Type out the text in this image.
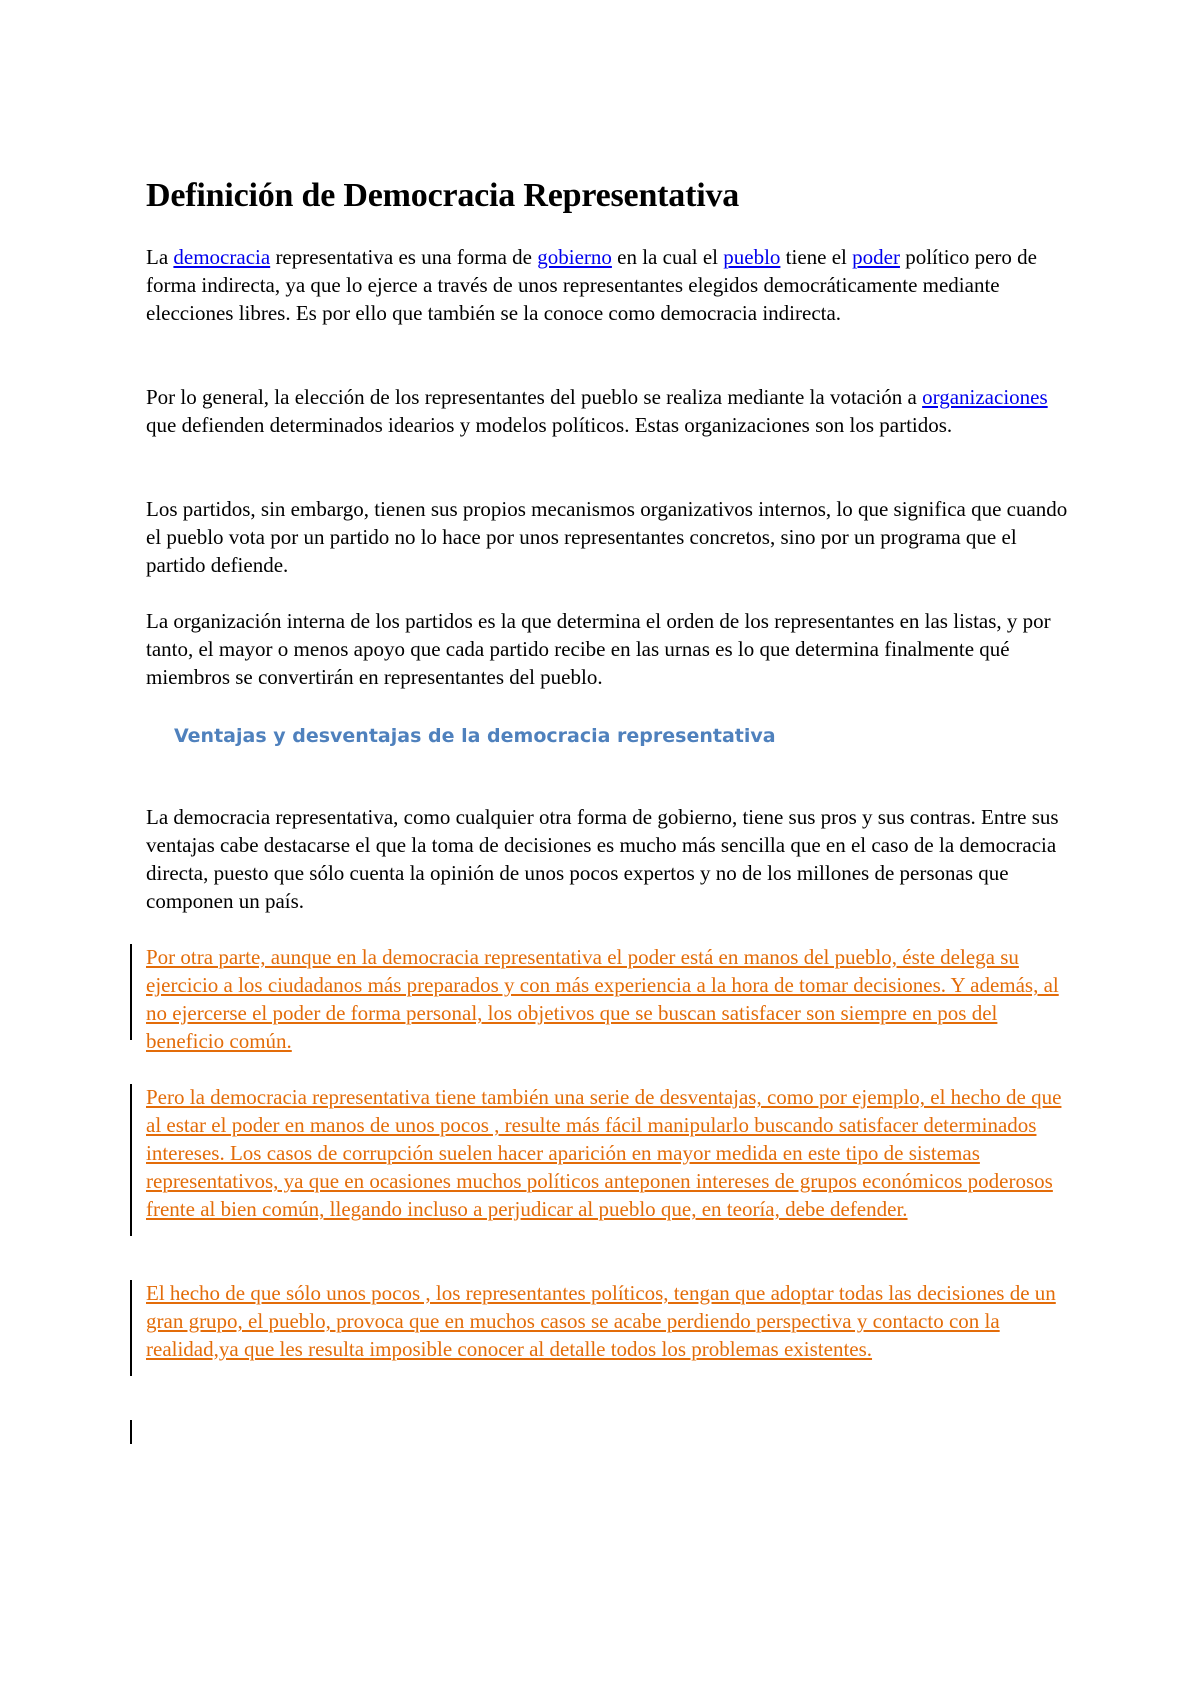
Definición de Democracia Representativa

La democracia representativa es una forma de gobierno en la cual el pueblo tiene el poder político pero de forma indirecta, ya que lo ejerce a través de unos representantes elegidos democráticamente mediante elecciones libres. Es por ello que también se la conoce como democracia indirecta.

Por lo general, la elección de los representantes del pueblo se realiza mediante la votación a organizaciones que defienden determinados idearios y modelos políticos. Estas organizaciones son los partidos.

Los partidos, sin embargo, tienen sus propios mecanismos organizativos internos, lo que significa que cuando el pueblo vota por un partido no lo hace por unos representantes concretos, sino por un programa que el partido defiende.

La organización interna de los partidos es la que determina el orden de los representantes en las listas, y por tanto, el mayor o menos apoyo que cada partido recibe en las urnas es lo que determina finalmente qué miembros se convertirán en representantes del pueblo.

Ventajas y desventajas de la democracia representativa

La democracia representativa, como cualquier otra forma de gobierno, tiene sus pros y sus contras. Entre sus ventajas cabe destacarse el que la toma de decisiones es mucho más sencilla que en el caso de la democracia directa, puesto que sólo cuenta la opinión de unos pocos expertos y no de los millones de personas que componen un país.

Por otra parte, aunque en la democracia representativa el poder está en manos del pueblo, éste delega su ejercicio a los ciudadanos más preparados y con más experiencia a la hora de tomar decisiones. Y además, al no ejercerse el poder de forma personal, los objetivos que se buscan satisfacer son siempre en pos del beneficio común.

Pero la democracia representativa tiene también una serie de desventajas, como por ejemplo, el hecho de que al estar el poder en manos de unos pocos , resulte más fácil manipularlo buscando satisfacer determinados intereses. Los casos de corrupción suelen hacer aparición en mayor medida en este tipo de sistemas representativos, ya que en ocasiones muchos políticos anteponen intereses de grupos económicos poderosos frente al bien común, llegando incluso a perjudicar al pueblo que, en teoría, debe defender.

El hecho de que sólo unos pocos , los representantes políticos, tengan que adoptar todas las decisiones de un gran grupo, el pueblo, provoca que en muchos casos se acabe perdiendo perspectiva y contacto con la realidad,ya que les resulta imposible conocer al detalle todos los problemas existentes.
